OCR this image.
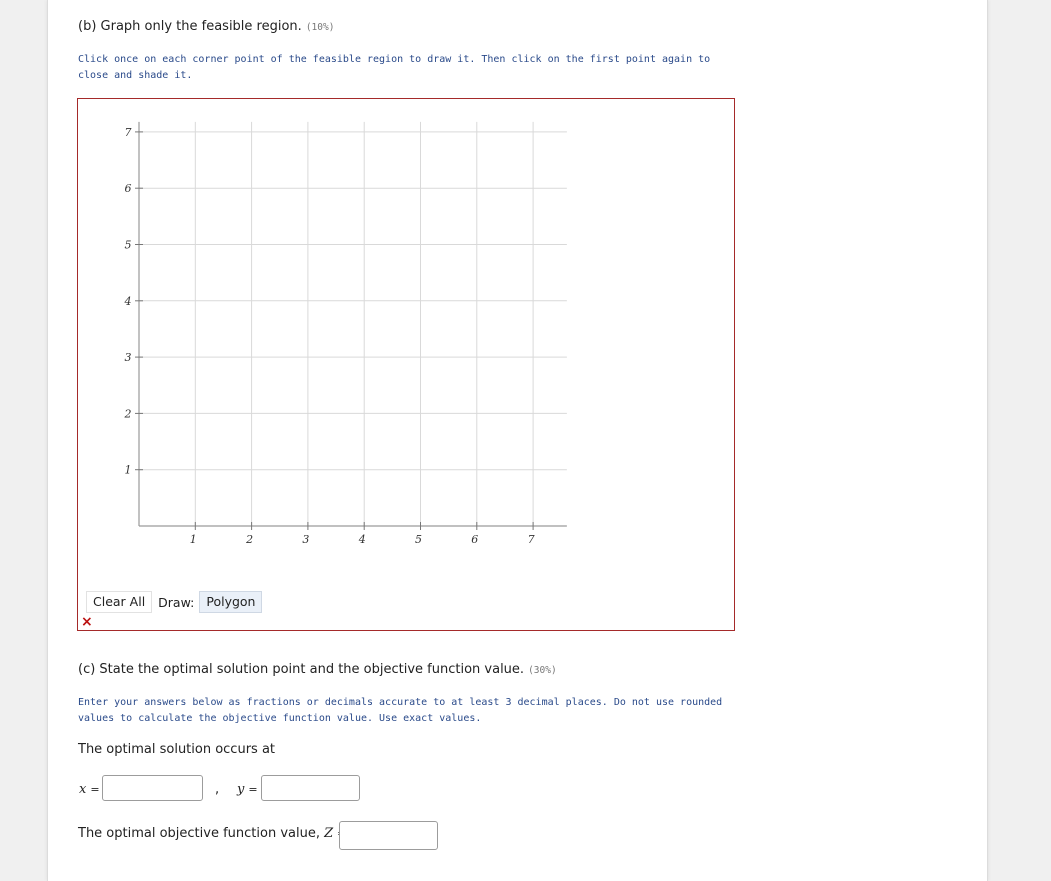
(b) Graph only the feasible region. (10%)
Click once on each corner point of the feasible region to draw it. Then click on the first point again to close and shade it.
1	2	3	4	5	6	7
1
2
3
4
5
6
7
Clear All	Draw: Polygon
×
(c) State the optimal solution point and the objective function value. (30%)
Enter your answers below as fractions or decimals accurate to at least 3 decimal places. Do not use rounded values to calculate the objective function value. Use exact values.
The optimal solution occurs at
x =	, y =
The optimal objective function value, Z
